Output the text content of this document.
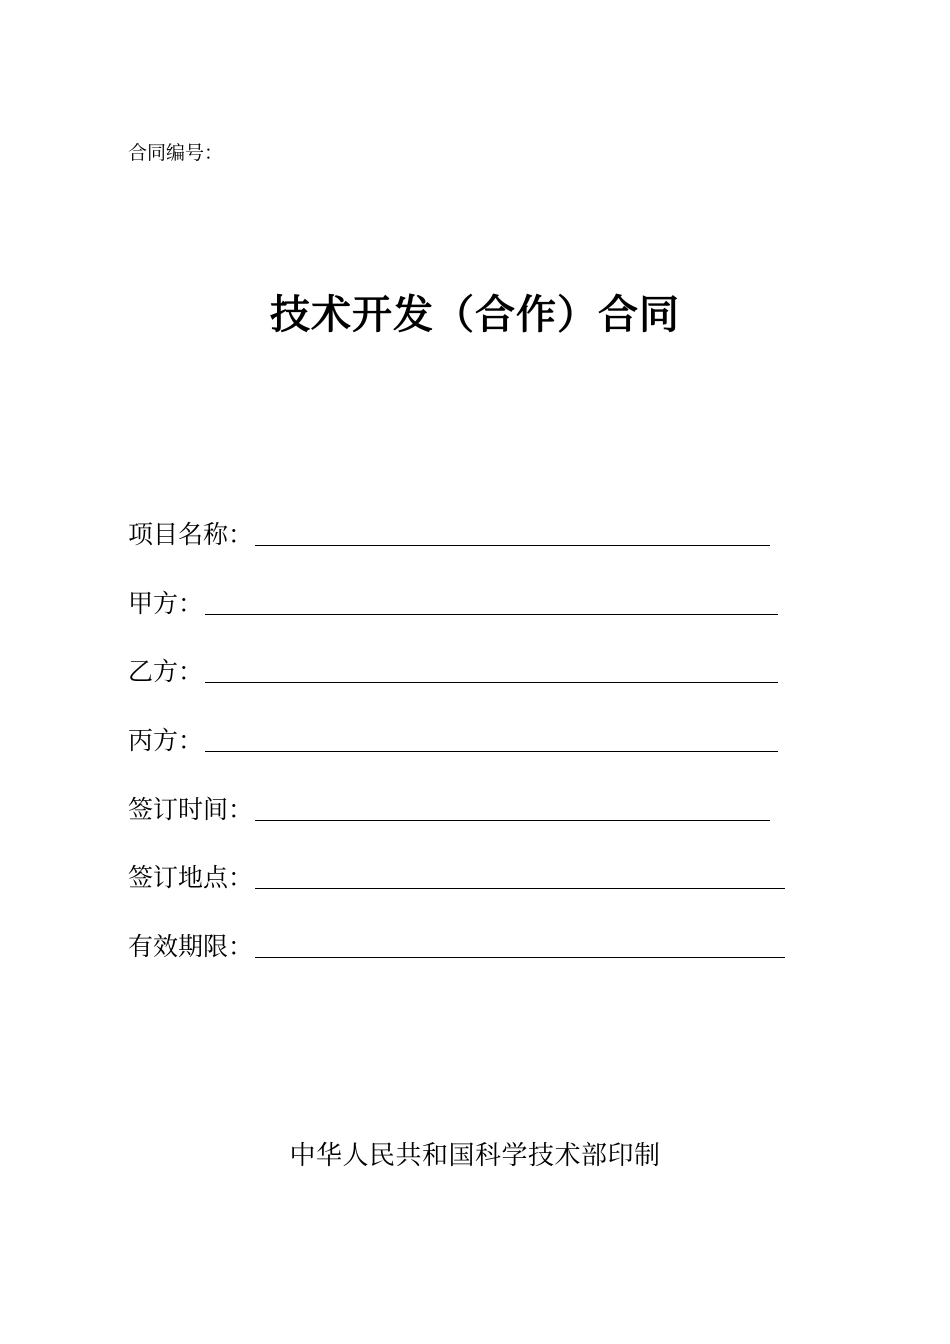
合同编号：
技术开发（合作）合同
项目名称：
甲方：
乙方：
丙方：
签订时间：
签订地点：
有效期限：
中华人民共和国科学技术部印制
